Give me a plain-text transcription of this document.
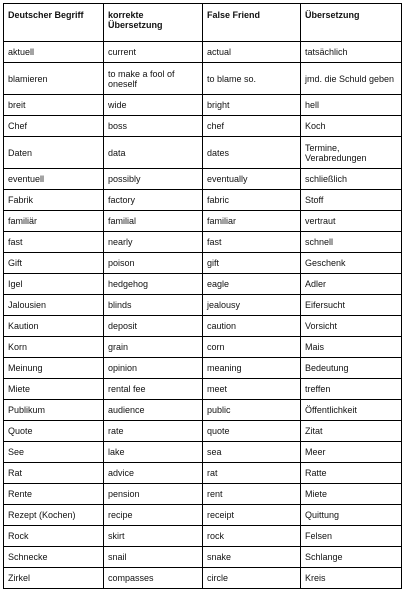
Deutscher Begriff	korrekte Übersetzung	False Friend	Übersetzung
aktuell	current	actual	tatsächlich
blamieren	to make a fool of oneself	to blame so.	jmd. die Schuld geben
breit	wide	bright	hell
Chef	boss	chef	Koch
Daten	data	dates	Termine, Verabredungen
eventuell	possibly	eventually	schließlich
Fabrik	factory	fabric	Stoff
familiär	familial	familiar	vertraut
fast	nearly	fast	schnell
Gift	poison	gift	Geschenk
Igel	hedgehog	eagle	Adler
Jalousien	blinds	jealousy	Eifersucht
Kaution	deposit	caution	Vorsicht
Korn	grain	corn	Mais
Meinung	opinion	meaning	Bedeutung
Miete	rental fee	meet	treffen
Publikum	audience	public	Öffentlichkeit
Quote	rate	quote	Zitat
See	lake	sea	Meer
Rat	advice	rat	Ratte
Rente	pension	rent	Miete
Rezept (Kochen)	recipe	receipt	Quittung
Rock	skirt	rock	Felsen
Schnecke	snail	snake	Schlange
Zirkel	compasses	circle	Kreis
